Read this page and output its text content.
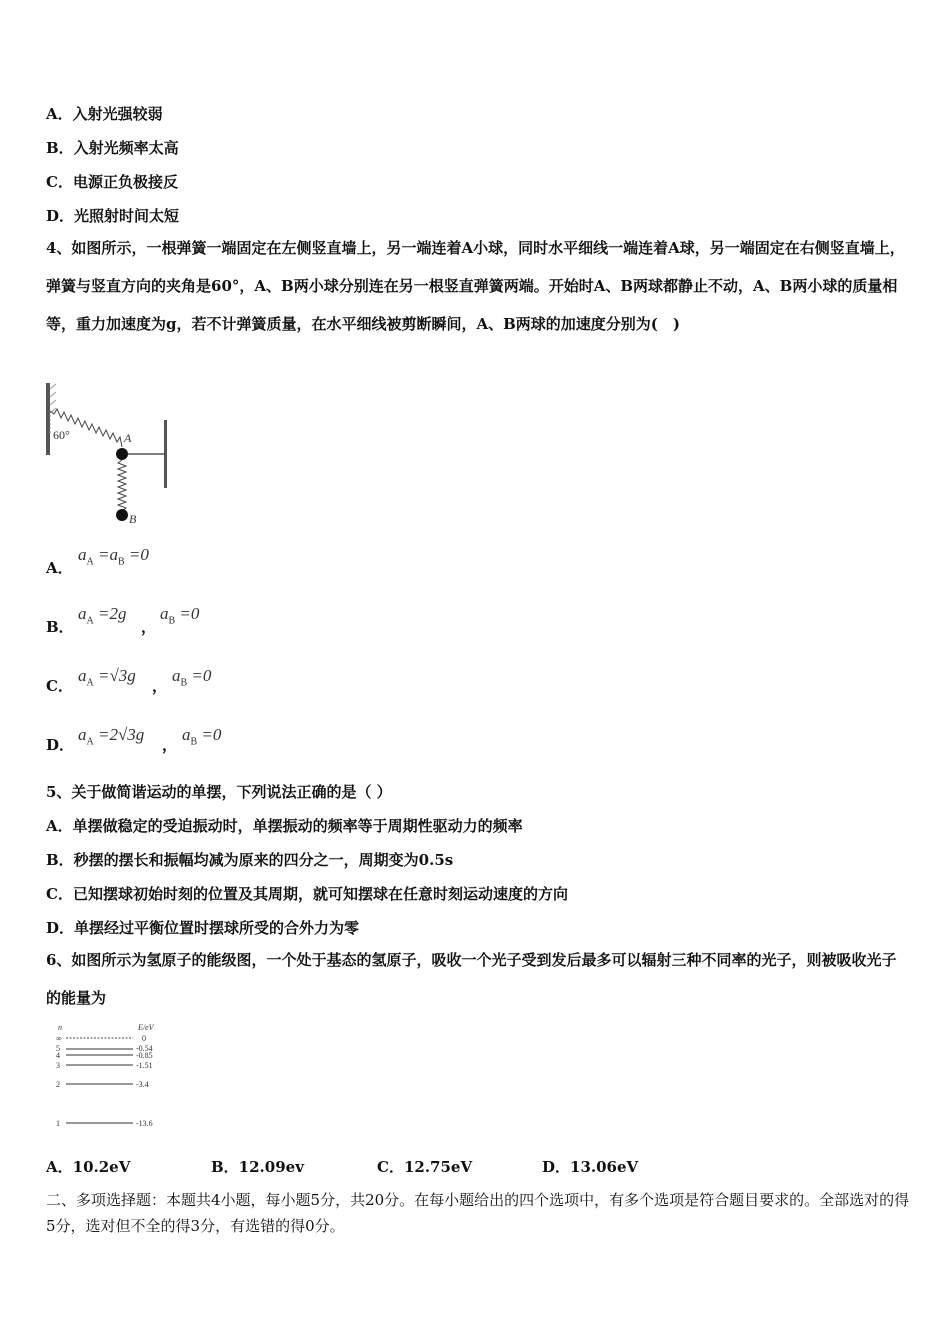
A．入射光强较弱
B．入射光频率太高
C．电源正负极接反
D．光照射时间太短
4、如图所示，一根弹簧一端固定在左侧竖直墙上，另一端连着A小球，同时水平细线一端连着A球，另一端固定在右侧竖直墙上，弹簧与竖直方向的夹角是60°，A、B两小球分别连在另一根竖直弹簧两端。开始时A、B两球都静止不动，A、B两小球的质量相等，重力加速度为g，若不计弹簧质量，在水平细线被剪断瞬间，A、B两球的加速度分别为(　)
60°	A
B
A．
$a_A =a_B =0$
B．
$a_A =2g$
，
$a_B =0$
C．
$a_A =√3g$
，
$a_B =0$
D．
$a_A =2√3g$
，
$a_B =0$
5、关于做简谐运动的单摆，下列说法正确的是（ ）
A．单摆做稳定的受迫振动时，单摆振动的频率等于周期性驱动力的频率
B．秒摆的摆长和振幅均减为原来的四分之一，周期变为0.5s
C．已知摆球初始时刻的位置及其周期，就可知摆球在任意时刻运动速度的方向
D．单摆经过平衡位置时摆球所受的合外力为零
6、如图所示为氢原子的能级图，一个处于基态的氢原子，吸收一个光子受到发后最多可以辐射三种不同率的光子，则被吸收光子的能量为
n	E/eV
∞	0
5	-0.54
4	-0.85
3	-1.51
2	-3.4
1	-13.6
A．10.2eV	B．12.09ev	C．12.75eV	D．13.06eV
二、多项选择题：本题共4小题，每小题5分，共20分。在每小题给出的四个选项中，有多个选项是符合题目要求的。全部选对的得5分，选对但不全的得3分，有选错的得0分。
